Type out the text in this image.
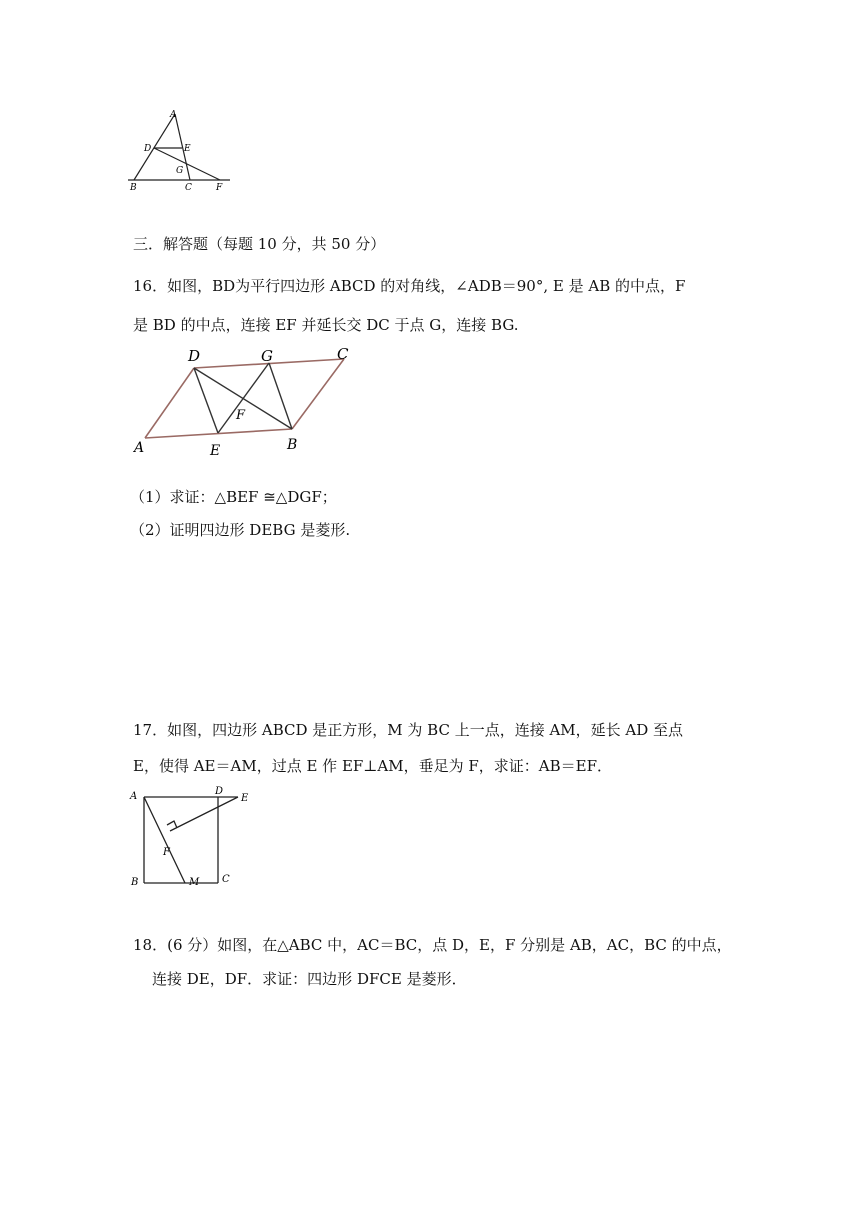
A
D	E
G
B	C	F
三．解答题（每题 10 分，共 50 分）
16．如图，BD为平行四边形 ABCD 的对角线，∠ADB＝90°, E 是 AB 的中点，F
是 BD 的中点，连接 EF 并延长交 DC 于点 G，连接 BG.
D	G	C
F
A	E	B
（1）求证：△BEF ≅△DGF；
（2）证明四边形 DEBG 是菱形.
17．如图，四边形 ABCD 是正方形，M 为 BC 上一点，连接 AM，延长 AD 至点
E，使得 AE＝AM，过点 E 作 EF⊥AM，垂足为 F，求证：AB＝EF．
A	D
E
F
B	M C
18．(6 分）如图，在△ABC 中，AC＝BC，点 D，E，F 分别是 AB，AC，BC 的中点，
连接 DE，DF．求证：四边形 DFCE 是菱形．
